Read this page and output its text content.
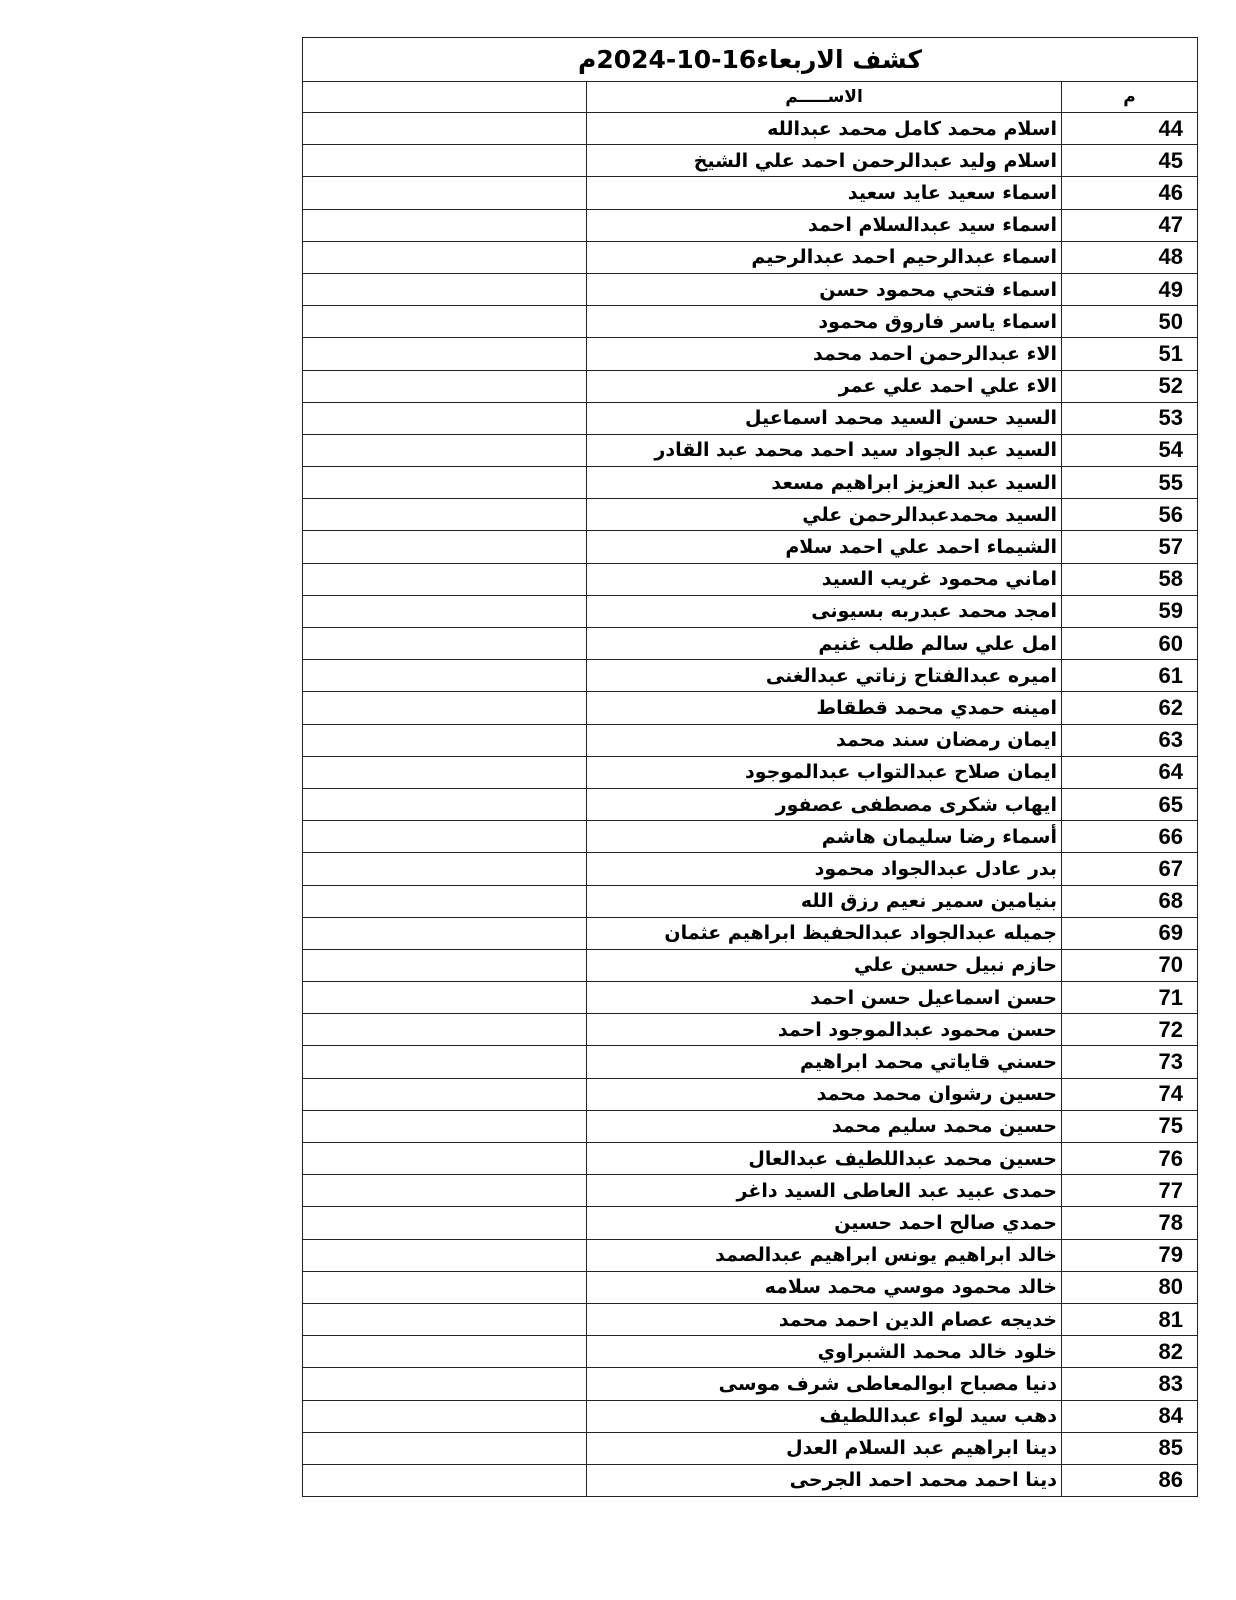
كشف الاربعاء16-10-2024م		
	الاســـــم	م
	اسلام محمد كامل محمد عبدالله	44
	اسلام وليد عبدالرحمن احمد علي الشيخ	45
	اسماء سعيد عايد سعيد	46
	اسماء سيد عبدالسلام احمد	47
	اسماء عبدالرحيم احمد عبدالرحيم	48
	اسماء فتحي محمود حسن	49
	اسماء ياسر فاروق محمود	50
	الاء عبدالرحمن احمد محمد	51
	الاء علي احمد علي عمر	52
	السيد حسن السيد محمد اسماعيل	53
	السيد عبد الجواد سيد احمد محمد عبد القادر	54
	السيد عبد العزيز ابراهيم مسعد	55
	السيد محمدعبدالرحمن علي	56
	الشيماء احمد علي احمد سلام	57
	اماني محمود غريب السيد	58
	امجد محمد عبدربه بسيونى	59
	امل علي سالم طلب غنيم	60
	اميره عبدالفتاح زناتي عبدالغنى	61
	امينه حمدي محمد قطقاط	62
	ايمان رمضان سند محمد	63
	ايمان صلاح عبدالتواب عبدالموجود	64
	ايهاب شكرى مصطفى عصفور	65
	أسماء رضا سليمان هاشم	66
	بدر عادل عبدالجواد محمود	67
	بنيامين سمير نعيم رزق الله	68
	جميله عبدالجواد عبدالحفيظ ابراهيم عثمان	69
	حازم نبيل حسين علي	70
	حسن اسماعيل حسن احمد	71
	حسن محمود عبدالموجود احمد	72
	حسني قاياتي محمد ابراهيم	73
	حسين رشوان محمد محمد	74
	حسين محمد سليم محمد	75
	حسين محمد عبداللطيف عبدالعال	76
	حمدى عبيد عبد العاطى السيد داغر	77
	حمدي صالح احمد حسين	78
	خالد ابراهيم يونس ابراهيم عبدالصمد	79
	خالد محمود موسي محمد سلامه	80
	خديجه عصام الدين احمد محمد	81
	خلود خالد محمد الشبراوي	82
	دنيا مصباح ابوالمعاطى شرف موسى	83
	دهب سيد لواء عبداللطيف	84
	دينا ابراهيم عبد السلام العدل	85
	دينا احمد محمد احمد الجرحى	86
